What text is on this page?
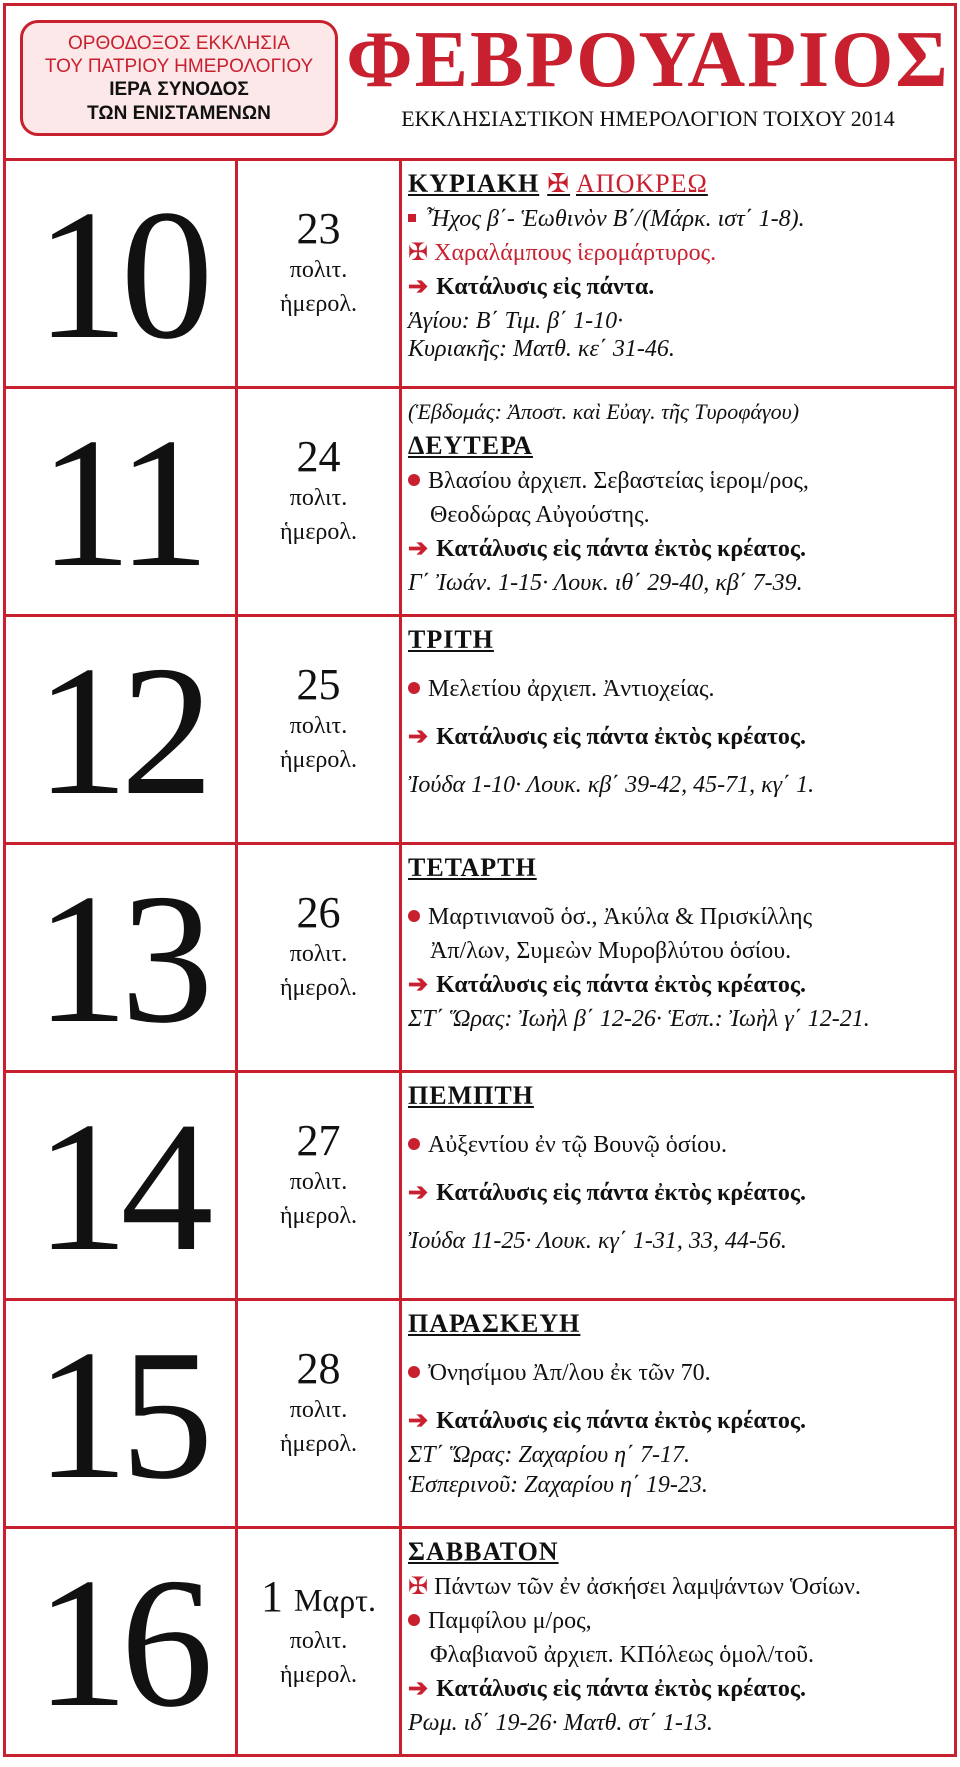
ΟΡΘΟΔΟΞΟΣ ΕΚΚΛΗΣΙΑ
ΤΟΥ ΠΑΤΡΙΟΥ ΗΜΕΡΟΛΟΓΙΟΥ
ΙΕΡΑ ΣΥΝΟΔΟΣ
ΤΩΝ ΕΝΙΣΤΑΜΕΝΩΝ
ΦΕΒΡΟΥΑΡΙΟΣ
ΕΚΚΛΗΣΙΑΣΤΙΚΟΝ ΗΜΕΡΟΛΟΓΙΟΝ ΤΟΙΧΟΥ 2014
10	23
πολιτ.
ἡμερολ.
ΚΥΡΙΑΚΗ ✠ ΑΠΟΚΡΕΩ
Ἦχος β΄- Ἑωθινὸν Β΄/(Μάρκ. ιστ΄ 1-8).
✠ Χαραλάμπους ἱερομάρτυρος.
➔ Κατάλυσις εἰς πάντα.
Ἁγίου: Β΄ Τιμ. β΄ 1-10·
Κυριακῆς: Ματθ. κε΄ 31-46.
11	24
πολιτ.
ἡμερολ.
(Ἑβδομάς: Ἀποστ. καὶ Εὐαγ. τῆς Τυροφάγου)
ΔΕΥΤΕΡΑ
Βλασίου ἀρχιεπ. Σεβαστείας ἱερομ/ρος,
Θεοδώρας Αὐγούστης.
➔ Κατάλυσις εἰς πάντα ἐκτὸς κρέατος.
Γ΄ Ἰωάν. 1-15· Λουκ. ιθ΄ 29-40, κβ΄ 7-39.
12	25
πολιτ.
ἡμερολ.
ΤΡΙΤΗ
Μελετίου ἀρχιεπ. Ἀντιοχείας.
➔ Κατάλυσις εἰς πάντα ἐκτὸς κρέατος.
Ἰούδα 1-10· Λουκ. κβ΄ 39-42, 45-71, κγ΄ 1.
13	26
πολιτ.
ἡμερολ.
ΤΕΤΑΡΤΗ
Μαρτινιανοῦ ὁσ., Ἀκύλα & Πρισκίλλης
Ἀπ/λων, Συμεὼν Μυροβλύτου ὁσίου.
➔ Κατάλυσις εἰς πάντα ἐκτὸς κρέατος.
ΣΤ΄ Ὥρας: Ἰωὴλ β΄ 12-26· Ἑσπ.: Ἰωὴλ γ΄ 12-21.
14	27
πολιτ.
ἡμερολ.
ΠΕΜΠΤΗ
Αὐξεντίου ἐν τῷ Βουνῷ ὁσίου.
➔ Κατάλυσις εἰς πάντα ἐκτὸς κρέατος.
Ἰούδα 11-25· Λουκ. κγ΄ 1-31, 33, 44-56.
15	28
πολιτ.
ἡμερολ.
ΠΑΡΑΣΚΕΥΗ
Ὀνησίμου Ἀπ/λου ἐκ τῶν 70.
➔ Κατάλυσις εἰς πάντα ἐκτὸς κρέατος.
ΣΤ΄ Ὥρας: Ζαχαρίου η΄ 7-17.
Ἑσπερινοῦ: Ζαχαρίου η΄ 19-23.
16	1 Μαρτ.
πολιτ.
ἡμερολ.
ΣΑΒΒΑΤΟΝ
✠ Πάντων τῶν ἐν ἀσκήσει λαμψάντων Ὁσίων.
Παμφίλου μ/ρος,
Φλαβιανοῦ ἀρχιεπ. ΚΠόλεως ὁμολ/τοῦ.
➔ Κατάλυσις εἰς πάντα ἐκτὸς κρέατος.
Ρωμ. ιδ΄ 19-26· Ματθ. στ΄ 1-13.
